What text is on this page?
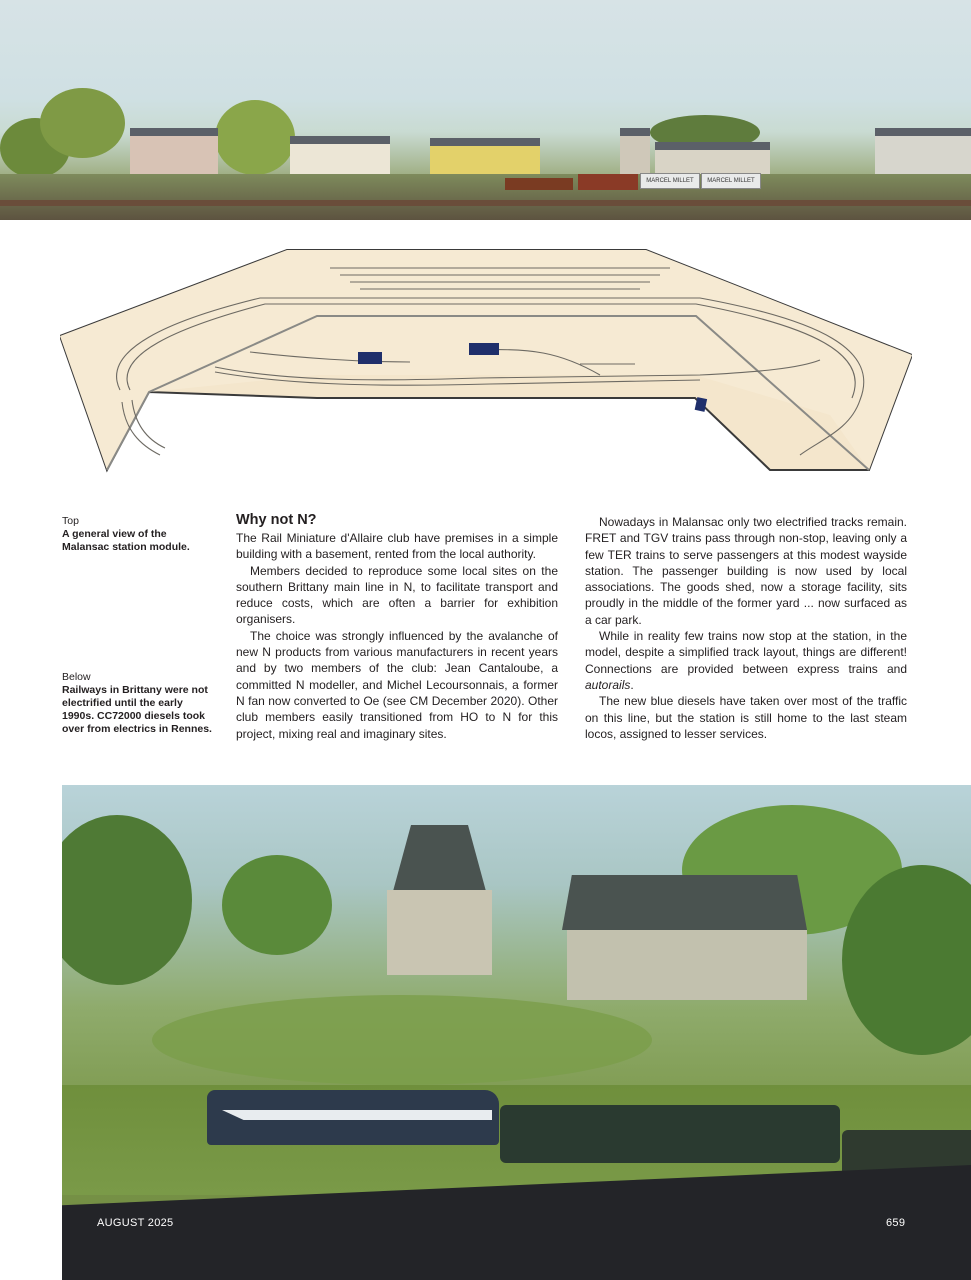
MARCEL MILLET	MARCEL MILLET
Top
A general view of the Malansac station module.
Below
Railways in Brittany were not electrified until the early 1990s. CC72000 diesels took over from electrics in Rennes.
Why not N?

The Rail Miniature d'Allaire club have premises in a simple building with a basement, rented from the local authority.

Members decided to reproduce some local sites on the southern Brittany main line in N, to facilitate transport and reduce costs, which are often a barrier for exhibition organisers.

The choice was strongly influenced by the avalanche of new N products from various manufacturers in recent years and by two members of the club: Jean Cantaloube, a committed N modeller, and Michel Lecoursonnais, a former N fan now converted to Oe (see CM December 2020). Other club members easily transitioned from HO to N for this project, mixing real and imaginary sites.

Nowadays in Malansac only two electrified tracks remain. FRET and TGV trains pass through non-stop, leaving only a few TER trains to serve passengers at this modest wayside station. The passenger building is now used by local associations. The goods shed, now a storage facility, sits proudly in the middle of the former yard ... now surfaced as a car park.

While in reality few trains now stop at the station, in the model, despite a simplified track layout, things are different! Connections are provided between express trains and autorails.

The new blue diesels have taken over most of the traffic on this line, but the station is still home to the last steam locos, assigned to lesser services.

AUGUST 2025	659
